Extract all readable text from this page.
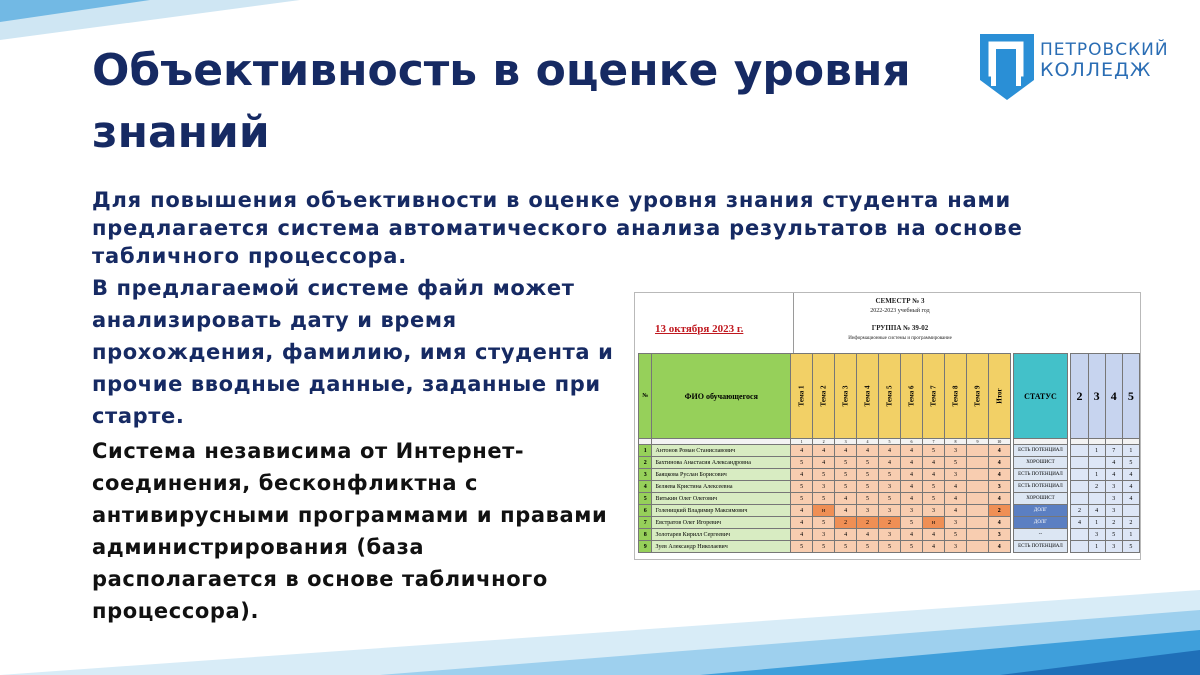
ПЕТРОВСКИЙ
КОЛЛЕДЖ
Объективность в оценке уровня знаний

Для повышения объективности в оценке уровня знания студента нами предлагается система автоматического анализа результатов на основе табличного процессора.

В предлагаемой системе файл может анализировать дату и время прохождения, фамилию, имя студента и прочие вводные данные, заданные при старте.

Система независима от Интернет-соединения, бесконфликтна с антивирусными программами и правами администрирования (база располагается в основе табличного процессора).

13 октября 2023 г.
СЕМЕСТР № 3
2022-2023 учебный год
ГРУППА № 39-02
Информационные системы и программирование
№	ФИО обучающегося	Тема 1	Тема 2	Тема 3	Тема 4	Тема 5	Тема 6	Тема 7	Тема 8	Тема 9	Итог		СТАТУС		2	3	4	5
		1	2	3	4	5	6	7	8	9	10							
1	Антонов Роман Станиславович	4	4	4	4	4	4	5	3		4		ЕСТЬ ПОТЕНЦИАЛ			1	7	1
2	Бахтинова Анастасия Александровна	5	4	5	5	4	4	4	5		4		ХОРОШИСТ				4	5
3	Баяцкова Руслан Борисович	4	5	5	5	5	4	4	3		4		ЕСТЬ ПОТЕНЦИАЛ			1	4	4
4	Беляева Кристина Алексеевна	5	3	5	5	3	4	5	4		3		ЕСТЬ ПОТЕНЦИАЛ			2	3	4
5	Витькин Олег Олегович	5	5	4	5	5	4	5	4		4		ХОРОШИСТ				3	4
6	Голеницкий Владимир Максимович	4	н	4	3	3	3	3	4		2		ДОЛГ		2	4	3	
7	Евстратов Олег Игоревич	4	5	2	2	2	5	н	3		4		ДОЛГ		4	1	2	2
8	Золотарев Кирилл Сергеевич	4	3	4	4	3	4	4	5		3		--			3	5	1
9	Зуев Александр Николаевич	5	5	5	5	5	5	4	3		4		ЕСТЬ ПОТЕНЦИАЛ			1	3	5
